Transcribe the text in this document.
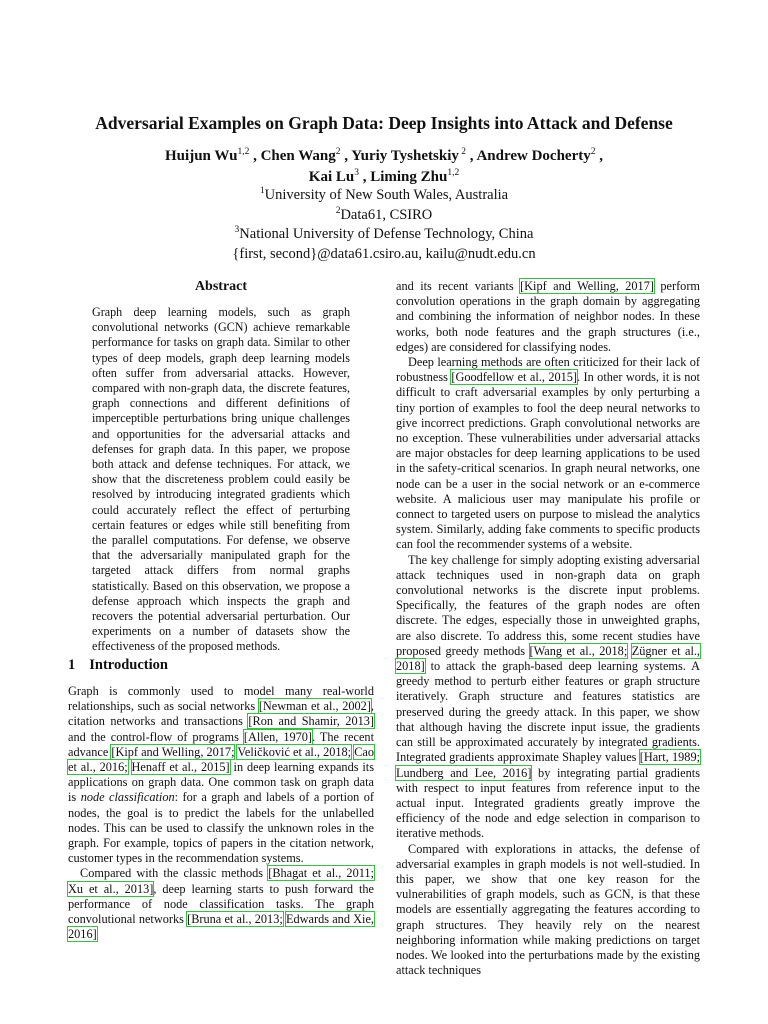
Adversarial Examples on Graph Data: Deep Insights into Attack and Defense
Huijun Wu$^{1,2}$ , Chen Wang$^2$ , Yuriy Tyshetskiy $^2$ , Andrew Docherty$^2$ ,
Kai Lu$^3$ , Liming Zhu$^{1,2}$
$^1$University of New South Wales, Australia
$^2$Data61, CSIRO
$^3$National University of Defense Technology, China
{first, second}@data61.csiro.au, kailu@nudt.edu.cn
Abstract
Graph deep learning models, such as graph convolutional networks (GCN) achieve remarkable performance for tasks on graph data. Similar to other types of deep models, graph deep learning models often suffer from adversarial attacks. However, compared with non-graph data, the discrete features, graph connections and different definitions of imperceptible perturbations bring unique challenges and opportunities for the adversarial attacks and defenses for graph data. In this paper, we propose both attack and defense techniques. For attack, we show that the discreteness problem could easily be resolved by introducing integrated gradients which could accurately reflect the effect of perturbing certain features or edges while still benefiting from the parallel computations. For defense, we observe that the adversarially manipulated graph for the targeted attack differs from normal graphs statistically. Based on this observation, we propose a defense approach which inspects the graph and recovers the potential adversarial perturbation. Our experiments on a number of datasets show the effectiveness of the proposed methods.
1 Introduction

Graph is commonly used to model many real-world relationships, such as social networks [Newman et al., 2002], citation networks and transactions [Ron and Shamir, 2013] and the control-flow of programs [Allen, 1970]. The recent advance [Kipf and Welling, 2017; Veličković et al., 2018; Cao et al., 2016; Henaff et al., 2015] in deep learning expands its applications on graph data. One common task on graph data is node classification: for a graph and labels of a portion of nodes, the goal is to predict the labels for the unlabelled nodes. This can be used to classify the unknown roles in the graph. For example, topics of papers in the citation network, customer types in the recommendation systems.

Compared with the classic methods [Bhagat et al., 2011; Xu et al., 2013], deep learning starts to push forward the performance of node classification tasks. The graph convolutional networks [Bruna et al., 2013; Edwards and Xie, 2016]

and its recent variants [Kipf and Welling, 2017] perform convolution operations in the graph domain by aggregating and combining the information of neighbor nodes. In these works, both node features and the graph structures (i.e., edges) are considered for classifying nodes.

Deep learning methods are often criticized for their lack of robustness [Goodfellow et al., 2015]. In other words, it is not difficult to craft adversarial examples by only perturbing a tiny portion of examples to fool the deep neural networks to give incorrect predictions. Graph convolutional networks are no exception. These vulnerabilities under adversarial attacks are major obstacles for deep learning applications to be used in the safety-critical scenarios. In graph neural networks, one node can be a user in the social network or an e-commerce website. A malicious user may manipulate his profile or connect to targeted users on purpose to mislead the analytics system. Similarly, adding fake comments to specific products can fool the recommender systems of a website.

The key challenge for simply adopting existing adversarial attack techniques used in non-graph data on graph convolutional networks is the discrete input problems. Specifically, the features of the graph nodes are often discrete. The edges, especially those in unweighted graphs, are also discrete. To address this, some recent studies have proposed greedy methods [Wang et al., 2018; Zügner et al., 2018] to attack the graph-based deep learning systems. A greedy method to perturb either features or graph structure iteratively. Graph structure and features statistics are preserved during the greedy attack. In this paper, we show that although having the discrete input issue, the gradients can still be approximated accurately by integrated gradients. Integrated gradients approximate Shapley values [Hart, 1989; Lundberg and Lee, 2016] by integrating partial gradients with respect to input features from reference input to the actual input. Integrated gradients greatly improve the efficiency of the node and edge selection in comparison to iterative methods.

Compared with explorations in attacks, the defense of adversarial examples in graph models is not well-studied. In this paper, we show that one key reason for the vulnerabilities of graph models, such as GCN, is that these models are essentially aggregating the features according to graph structures. They heavily rely on the nearest neighboring information while making predictions on target nodes. We looked into the perturbations made by the existing attack techniques
